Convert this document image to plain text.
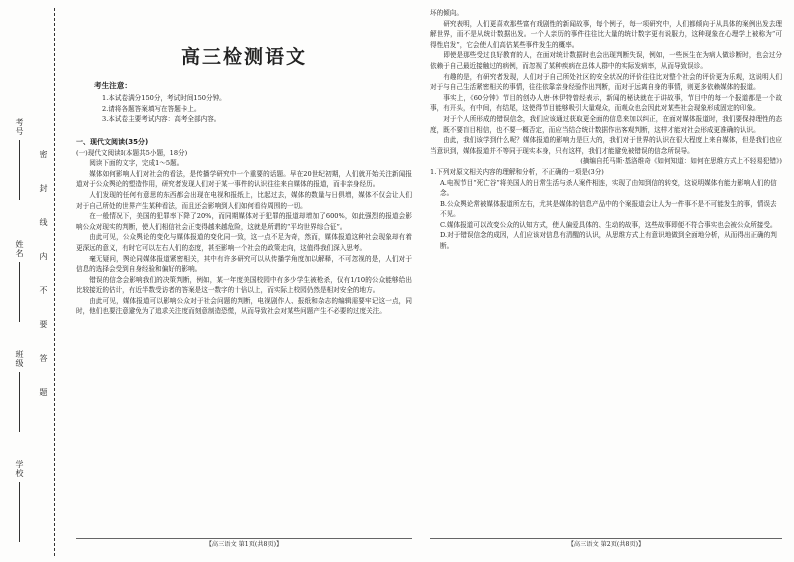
考号
姓名
班级
学校
密封线内不要答题
高三检测语文
考生注意：

1.本试卷满分150分，考试时间150分钟。

2.请将各题答案填写在答题卡上。

3.本试卷主要考试内容：高考全部内容。

一、现代文阅读(35分)

(一)现代文阅读Ⅰ(本题共5小题，18分)

阅读下面的文字，完成1～5题。

媒体如何影响人们对社会的看法，是传播学研究中一个重要的话题。早在20世纪初期，人们就开始关注新闻报道对于公众舆论的塑造作用，研究者发现人们对于某一事件的认识往往来自媒体的报道，而非亲身经历。

人们发现的任何有意思的东西都会出现在电视和报纸上，比起过去，媒体的数量与日俱增，媒体不仅会让人们对于自己所处的世界产生某种看法，而且还会影响到人们如何看待周围的一切。

在一般情况下，美国的犯罪率下降了20%，而同期媒体对于犯罪的报道却增加了600%，如此强烈的报道会影响公众对现实的判断，使人们相信社会正变得越来越危险，这就是所谓的“平均世界综合征”。

由此可见，公众舆论的变化与媒体报道的变化同一致，这一点不足为奇，然而，媒体报道这种社会现象却有着更深远的意义，有时它可以左右人们的态度，甚至影响一个社会的政策走向，这值得我们深入思考。

毫无疑问，舆论同媒体报道紧密相关，其中有许多研究可以从传播学角度加以解释，不可忽视的是，人们对于信息的选择会受到自身经验和偏好的影响。

错误的信念会影响我们的决策判断，例如，某一年度美国校园中有多少学生被枪杀，仅有1/10的公众能够给出比较接近的估计，有近半数受访者的答案是这一数字的十倍以上，而实际上校园仍然是相对安全的地方。

由此可见，媒体报道可以影响公众对于社会问题的判断，电视剧作人、报纸和杂志的编辑需要牢记这一点，同时，他们也要注意避免为了追求关注度而刻意制造恐慌，从而导致社会对某些问题产生不必要的过度关注。

【高三语文 第1页(共8页)】

坏的倾向。

研究表明，人们更喜欢那些富有戏剧性的新闻故事，每个例子，每一项研究中，人们都倾向于从具体的案例出发去理解世界，而不是从统计数据出发。一个人亲历的事件往往比大量的统计数字更有说服力，这种现象在心理学上被称为“可得性启发”，它会使人们高估某些事件发生的概率。

即使是那些受过良好教育的人，在面对统计数据时也会出现判断失误，例如，一些医生在为病人做诊断时，也会过分依赖于自己最近接触过的病例，而忽视了某种疾病在总体人群中的实际发病率，从而导致误诊。

有趣的是，有研究者发现，人们对于自己所处社区的安全状况的评价往往比对整个社会的评价更为乐观，这说明人们对于与自己生活紧密相关的事情，往往依靠亲身经验作出判断，而对于远离自身的事情，则更多依赖媒体的报道。

事实上，《60分钟》节目的创办人唐·休伊特曾经表示，新闻的秘诀就在于讲故事，节目中的每一个报道都是一个故事，有开头，有中间，有结尾，这使得节目能够吸引大量观众，而观众也会因此对某些社会现象形成固定的印象。

对于个人所形成的错误信念，我们应该通过获取更全面的信息来加以纠正，在面对媒体报道时，我们要保持理性的态度，既不要盲目相信，也不要一概否定，而应当结合统计数据作出客观判断，这样才能对社会形成更准确的认识。

由此，我们该学到什么呢？媒体报道的影响力是巨大的，我们对于世界的认识在很大程度上来自媒体，但是我们也应当意识到，媒体报道并不等同于现实本身，只有这样，我们才能避免被错误的信念所误导。

(摘编自托马斯·基洛维奇《如何知道：如何在思维方式上不轻易犯错》)

1.下列对原文相关内容的理解和分析，不正确的一项是(3分)

A.电视节目“死亡谷”将美国人的日常生活与杀人案件相连，实现了由知到信的转变，这说明媒体有能力影响人们的信念。

B.公众舆论常被媒体报道所左右，尤其是媒体的信息产品中的个案报道会让人为一件事不是不可能发生的事，情误去不见。

C.媒体报道可以改变公众的认知方式，使人偏爱具体的、生动的故事，这些故事即便不符合事实也会被公众所接受。

D.对于错误信念的成因，人们应该对信息有清醒的认识，从思维方式上有意识地做到全面地分析，从而得出正确的判断。

【高三语文 第2页(共8页)】
